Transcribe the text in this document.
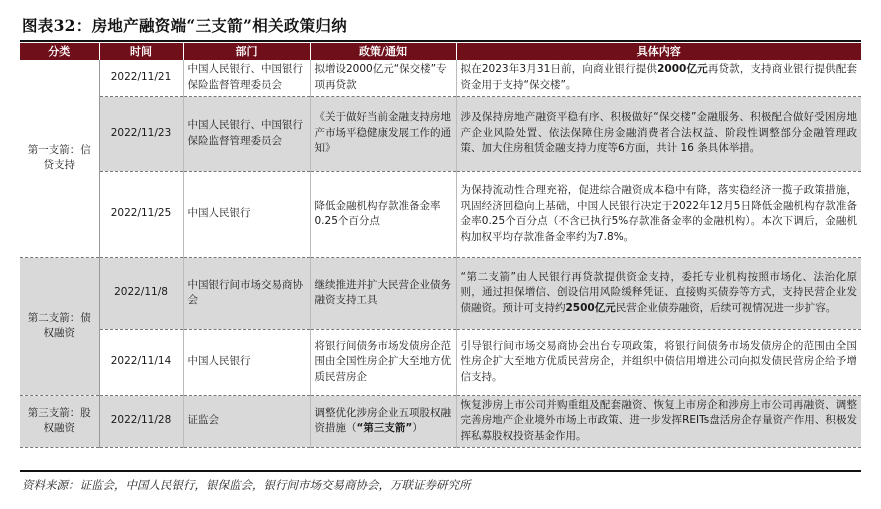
图表32：房地产融资端“三支箭”相关政策归纳
分类	时间	部门	政策/通知	具体内容
第一支箭：信贷支持	2022/11/21	中国人民银行、中国银行保险监督管理委员会	拟增设2000亿元“保交楼”专项再贷款	拟在2023年3月31日前，向商业银行提供2000亿元再贷款，支持商业银行提供配套资金用于支持“保交楼”。
	2022/11/23	中国人民银行、中国银行保险监督管理委员会	《关于做好当前金融支持房地产市场平稳健康发展工作的通知》	涉及保持房地产融资平稳有序、积极做好“保交楼”金融服务、积极配合做好受困房地产企业风险处置、依法保障住房金融消费者合法权益、阶段性调整部分金融管理政策、加大住房租赁金融支持力度等6方面，共计 16 条具体举措。
	2022/11/25	中国人民银行	降低金融机构存款准备金率0.25个百分点	为保持流动性合理充裕，促进综合融资成本稳中有降，落实稳经济一揽子政策措施，巩固经济回稳向上基础，中国人民银行决定于2022年12月5日降低金融机构存款准备金率0.25个百分点（不含已执行5%存款准备金率的金融机构）。本次下调后，金融机构加权平均存款准备金率约为7.8%。
第二支箭：债权融资	2022/11/8	中国银行间市场交易商协会	继续推进并扩大民营企业债务融资支持工具	“第二支箭”由人民银行再贷款提供资金支持，委托专业机构按照市场化、法治化原则，通过担保增信、创设信用风险缓释凭证、直接购买债券等方式，支持民营企业发债融资。预计可支持约2500亿元民营企业债券融资，后续可视情况进一步扩容。
	2022/11/14	中国人民银行	将银行间债务市场发债房企范围由全国性房企扩大至地方优质民营房企	引导银行间市场交易商协会出台专项政策，将银行间债务市场发债房企的范围由全国性房企扩大至地方优质民营房企，并组织中债信用增进公司向拟发债民营房企给予增信支持。
第三支箭：股权融资	2022/11/28	证监会	调整优化涉房企业五项股权融资措施（“第三支箭”）	恢复涉房上市公司并购重组及配套融资、恢复上市房企和涉房上市公司再融资、调整完善房地产企业境外市场上市政策、进一步发挥REITs盘活房企存量资产作用、积极发挥私募股权投资基金作用。
资料来源：证监会，中国人民银行，银保监会，银行间市场交易商协会，万联证券研究所
